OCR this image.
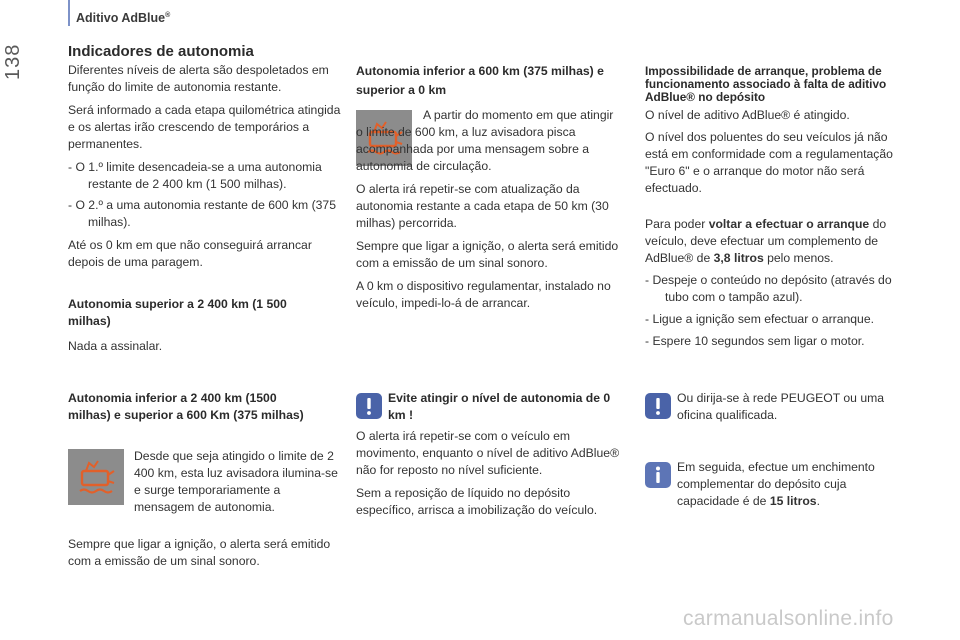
138
Aditivo AdBlue®
Indicadores de autonomia

Diferentes níveis de alerta são despoletados em função do limite de autonomia restante.

Será informado a cada etapa quilométrica atingida e os alertas irão crescendo de temporários a permanentes.

- O 1.º limite desencadeia-se a uma autonomia restante de 2 400 km (1 500 milhas).

- O 2.º a uma autonomia restante de 600 km (375 milhas).

Até os 0 km em que não conseguirá arrancar depois de uma paragem.

Autonomia superior a 2 400 km (1 500 milhas)

Nada a assinalar.

Autonomia inferior a 2 400 km (1500 milhas) e superior a 600 Km (375 milhas)

Desde que seja atingido o limite de 2 400 km, esta luz avisadora ilumina-se e surge temporariamente a mensagem de autonomia.

Sempre que ligar a ignição, o alerta será emitido com a emissão de um sinal sonoro.

Autonomia inferior a 600 km (375 milhas) e superior a 0 km

A partir do momento em que atingir o limite de 600 km, a luz avisadora pisca acompanhada por uma mensagem sobre a autonomia de circulação.

O alerta irá repetir-se com atualização da autonomia restante a cada etapa de 50 km (30 milhas) percorrida.

Sempre que ligar a ignição, o alerta será emitido com a emissão de um sinal sonoro.

A 0 km o dispositivo regulamentar, instalado no veículo, impedi-lo-á de arrancar.

Evite atingir o nível de autonomia de 0 km !

O alerta irá repetir-se com o veículo em movimento, enquanto o nível de aditivo AdBlue® não for reposto no nível suficiente.

Sem a reposição de líquido no depósito específico, arrisca a imobilização do veículo.

Impossibilidade de arranque, problema de funcionamento associado à falta de aditivo AdBlue® no depósito

O nível de aditivo AdBlue® é atingido.

O nível dos poluentes do seu veículos já não está em conformidade com a regulamentação "Euro 6" e o arranque do motor não será efectuado.

Para poder voltar a efectuar o arranque do veículo, deve efectuar um complemento de AdBlue® de 3,8 litros pelo menos.

- Despeje o conteúdo no depósito (através do tubo com o tampão azul).

- Ligue a ignição sem efectuar o arranque.

- Espere 10 segundos sem ligar o motor.

Ou dirija-se à rede PEUGEOT ou uma oficina qualificada.

Em seguida, efectue um enchimento complementar do depósito cuja capacidade é de 15 litros.

carmanualsonline.info
